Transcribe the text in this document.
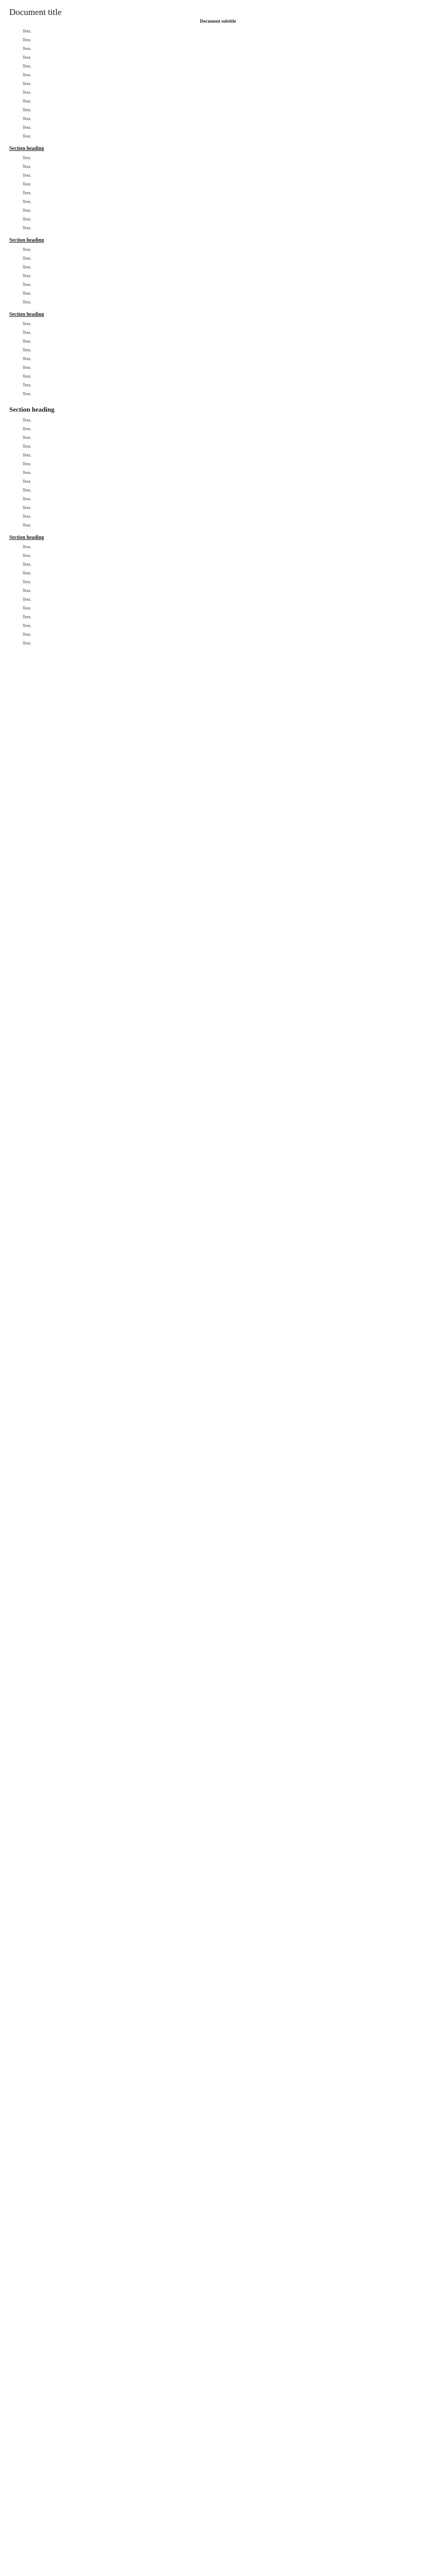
Document title
Document subtitle

Text.

Text.

Text.

Text.

Text.

Text.

Text.

Text.

Text.

Text.

Text.

Text.

Text.

Section heading

Text.

Text.

Text.

Text.

Text.

Text.

Text.

Text.

Text.

Section heading

Text.

Text.

Text.

Text.

Text.

Text.

Text.

Section heading

Text.

Text.

Text.

Text.

Text.

Text.

Text.

Text.

Text.

Section heading

Text.

Text.

Text.

Text.

Text.

Text.

Text.

Text.

Text.

Text.

Text.

Text.

Text.

Section heading

Text.

Text.

Text.

Text.

Text.

Text.

Text.

Text.

Text.

Text.

Text.

Text.
